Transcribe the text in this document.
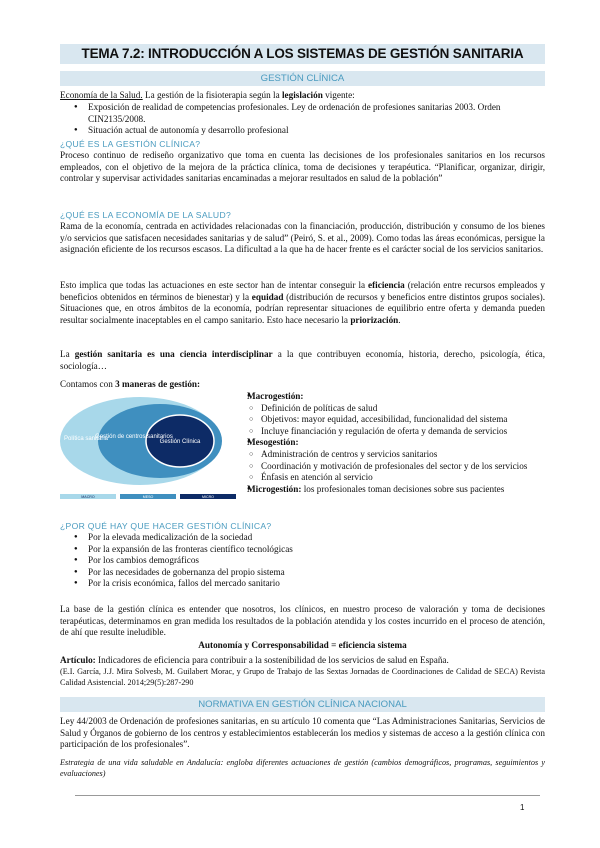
TEMA 7.2: INTRODUCCIÓN A LOS SISTEMAS DE GESTIÓN SANITARIA
GESTIÓN CLÍNICA

Economía de la Salud. La gestión de la fisioterapia según la legislación vigente:

● Exposición de realidad de competencias profesionales. Ley de ordenación de profesiones sanitarias 2003. Orden CIN2135/2008.
● Situación actual de autonomía y desarrollo profesional
¿QUÉ ES LA GESTIÓN CLÍNICA?

Proceso continuo de rediseño organizativo que toma en cuenta las decisiones de los profesionales sanitarios en los recursos empleados, con el objetivo de la mejora de la práctica clínica, toma de decisiones y terapéutica. “Planificar, organizar, dirigir, controlar y supervisar actividades sanitarias encaminadas a mejorar resultados en salud de la población”

¿QUÉ ES LA ECONOMÍA DE LA SALUD?

Rama de la economía, centrada en actividades relacionadas con la financiación, producción, distribución y consumo de los bienes y/o servicios que satisfacen necesidades sanitarias y de salud” (Peiró, S. et al., 2009). Como todas las áreas económicas, persigue la asignación eficiente de los recursos escasos. La dificultad a la que ha de hacer frente es el carácter social de los servicios sanitarios.

Esto implica que todas las actuaciones en este sector han de intentar conseguir la eficiencia (relación entre recursos empleados y beneficios obtenidos en términos de bienestar) y la equidad (distribución de recursos y beneficios entre distintos grupos sociales). Situaciones que, en otros ámbitos de la economía, podrían representar situaciones de equilibrio entre oferta y demanda pueden resultar socialmente inaceptables en el campo sanitario. Esto hace necesario la priorización.

La gestión sanitaria es una ciencia interdisciplinar a la que contribuyen economía, historia, derecho, psicología, ética, sociología…

Contamos con 3 maneras de gestión:

Política sanitaria
Gestión de centros sanitarios
Gestión Clínica
MACRO	MESO	MICRO
● Macrogestión:
○ Definición de políticas de salud
○ Objetivos: mayor equidad, accesibilidad, funcionalidad del sistema
○ Incluye financiación y regulación de oferta y demanda de servicios
● Mesogestión:
○ Administración de centros y servicios sanitarios
○ Coordinación y motivación de profesionales del sector y de los servicios
○ Énfasis en atención al servicio
● Microgestión: los profesionales toman decisiones sobre sus pacientes
¿POR QUÉ HAY QUE HACER GESTIÓN CLÍNICA?
● Por la elevada medicalización de la sociedad
● Por la expansión de las fronteras científico tecnológicas
● Por los cambios demográficos
● Por las necesidades de gobernanza del propio sistema
● Por la crisis económica, fallos del mercado sanitario

La base de la gestión clínica es entender que nosotros, los clínicos, en nuestro proceso de valoración y toma de decisiones terapéuticas, determinamos en gran medida los resultados de la población atendida y los costes incurrido en el proceso de atención, de ahí que resulte ineludible.

Autonomía y Corresponsabilidad = eficiencia sistema

Artículo: Indicadores de eficiencia para contribuir a la sostenibilidad de los servicios de salud en España.

(E.I. García, J.J. Mira Solvesb, M. Guilabert Morac, y Grupo de Trabajo de las Sextas Jornadas de Coordinaciones de Calidad de SECA) Revista Calidad Asistencial. 2014;29(5):287-290

NORMATIVA EN GESTIÓN CLÍNICA NACIONAL

Ley 44/2003 de Ordenación de profesiones sanitarias, en su artículo 10 comenta que “Las Administraciones Sanitarias, Servicios de Salud y Órganos de gobierno de los centros y establecimientos establecerán los medios y sistemas de acceso a la gestión clínica con participación de los profesionales”.

Estrategia de una vida saludable en Andalucía: engloba diferentes actuaciones de gestión (cambios demográficos, programas, seguimientos y evaluaciones)

1
